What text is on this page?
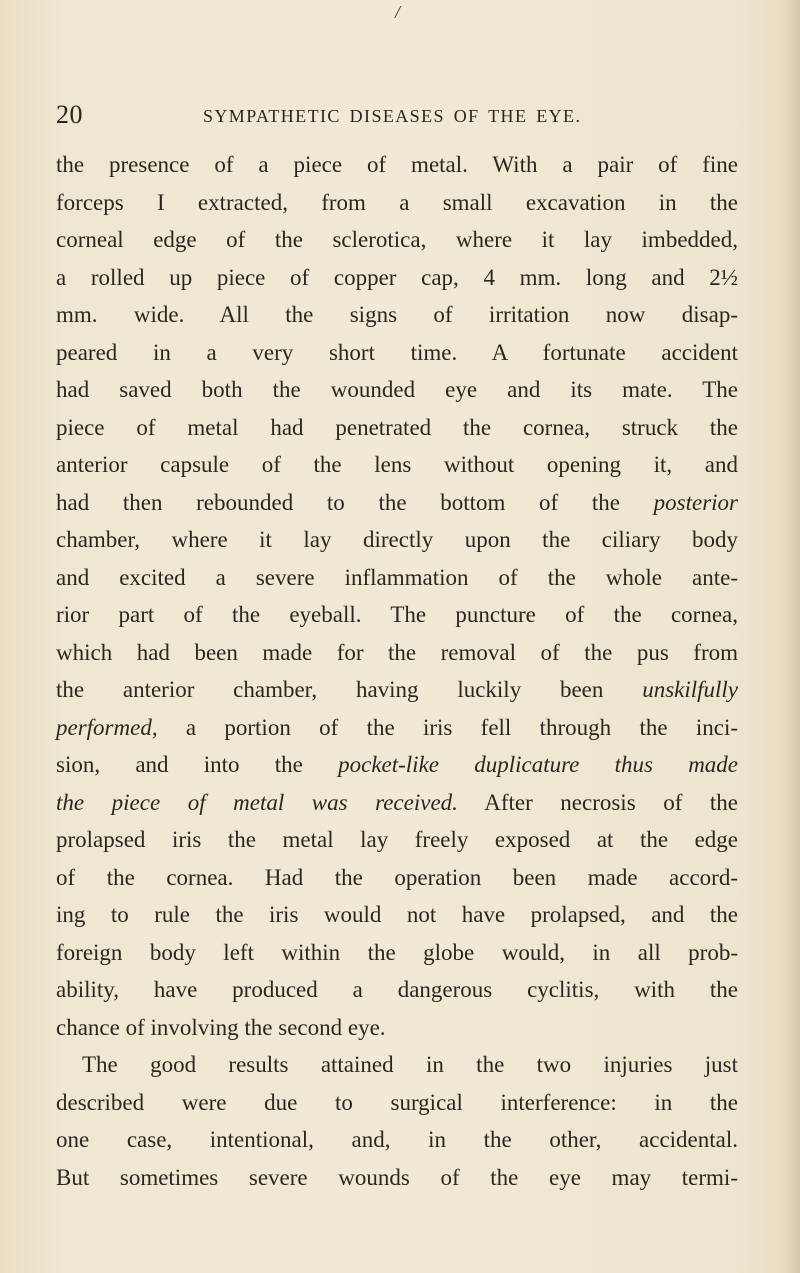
/
20	SYMPATHETIC DISEASES OF THE EYE.
the presence of a piece of metal. With a pair of fine
forceps I extracted, from a small excavation in the
corneal edge of the sclerotica, where it lay imbedded,
a rolled up piece of copper cap, 4 mm. long and 2½
mm. wide. All the signs of irritation now disap-
peared in a very short time. A fortunate accident
had saved both the wounded eye and its mate. The
piece of metal had penetrated the cornea, struck the
anterior capsule of the lens without opening it, and
had then rebounded to the bottom of the posterior
chamber, where it lay directly upon the ciliary body
and excited a severe inflammation of the whole ante-
rior part of the eyeball. The puncture of the cornea,
which had been made for the removal of the pus from
the anterior chamber, having luckily been unskilfully
performed, a portion of the iris fell through the inci-
sion, and into the pocket-like duplicature thus made
the piece of metal was received. After necrosis of the
prolapsed iris the metal lay freely exposed at the edge
of the cornea. Had the operation been made accord-
ing to rule the iris would not have prolapsed, and the
foreign body left within the globe would, in all prob-
ability, have produced a dangerous cyclitis, with the
chance of involving the second eye.
The good results attained in the two injuries just
described were due to surgical interference: in the
one case, intentional, and, in the other, accidental.
But sometimes severe wounds of the eye may termi-
